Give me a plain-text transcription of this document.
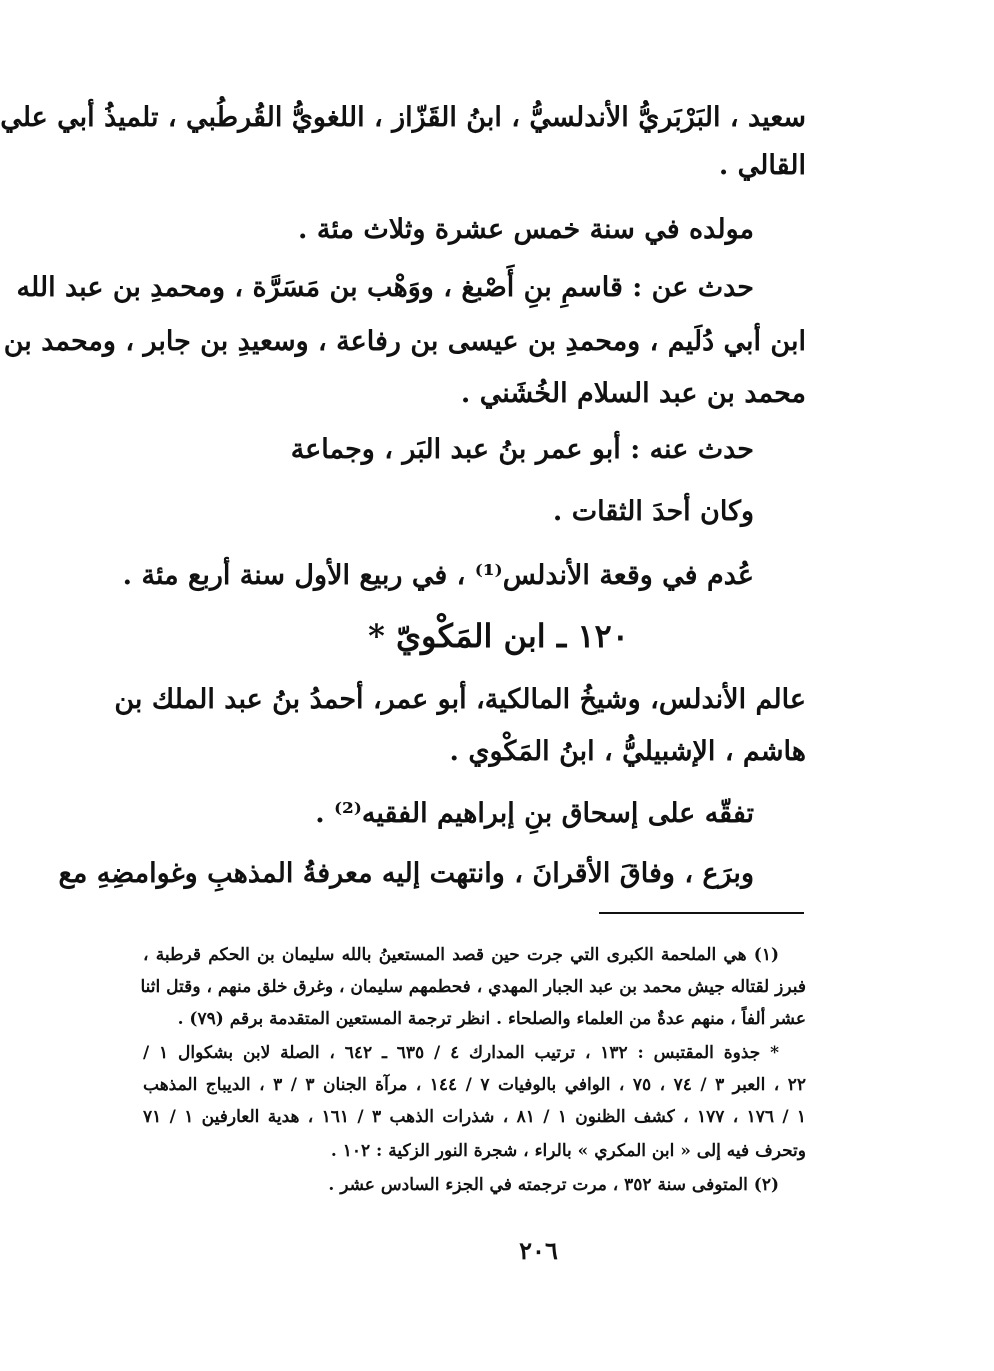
سعيد ، البَرْبَريُّ الأندلسيُّ ، ابنُ القَزّاز ، اللغويُّ القُرطُبي ، تلميذُ أبي علي
القالي .
مولده في سنة خمس عشرة وثلاث مئة .
حدث عن : قاسمِ بنِ أَصْبغ ، ووَهْب بن مَسَرَّة ، ومحمدِ بن عبد الله
ابن أبي دُلَيم ، ومحمدِ بن عيسى بن رفاعة ، وسعيدِ بن جابر ، ومحمد بن
محمد بن عبد السلام الخُشَني .
حدث عنه : أبو عمر بنُ عبد البَر ، وجماعة
وكان أحدَ الثقات .
عُدم في وقعة الأندلس⁽¹⁾ ، في ربيع الأول سنة أربع مئة .
١٢٠ ـ ابن المَكْويّ *
عالم الأندلس، وشيخُ المالكية، أبو عمر، أحمدُ بنُ عبد الملك بن
هاشم ، الإشبيليُّ ، ابنُ المَكْوي .
تفقّه على إسحاق بنِ إبراهيم الفقيه⁽²⁾ .
وبرَع ، وفاقَ الأقرانَ ، وانتهت إليه معرفةُ المذهبِ وغوامضِهِ مع
(١) هي الملحمة الكبرى التي جرت حين قصد المستعينُ بالله سليمان بن الحكم قرطبة ،
فبرز لقتاله جيش محمد بن عبد الجبار المهدي ، فحطمهم سليمان ، وغرق خلق منهم ، وقتل اثنا
عشر ألفاً ، منهم عدةٌ من العلماء والصلحاء . انظر ترجمة المستعين المتقدمة برقم (٧٩) .
* جذوة المقتبس : ١٣٢ ، ترتيب المدارك ٤ / ٦٣٥ ـ ٦٤٢ ، الصلة لابن بشكوال ١ /
٢٢ ، العبر ٣ / ٧٤ ، ٧٥ ، الوافي بالوفيات ٧ / ١٤٤ ، مرآة الجنان ٣ / ٣ ، الديباج المذهب
١ / ١٧٦ ، ١٧٧ ، كشف الظنون ١ / ٨١ ، شذرات الذهب ٣ / ١٦١ ، هدية العارفين ١ / ٧١
وتحرف فيه إلى « ابن المكري » بالراء ، شجرة النور الزكية : ١٠٢ .
(٢) المتوفى سنة ٣٥٢ ، مرت ترجمته في الجزء السادس عشر .
٢٠٦
